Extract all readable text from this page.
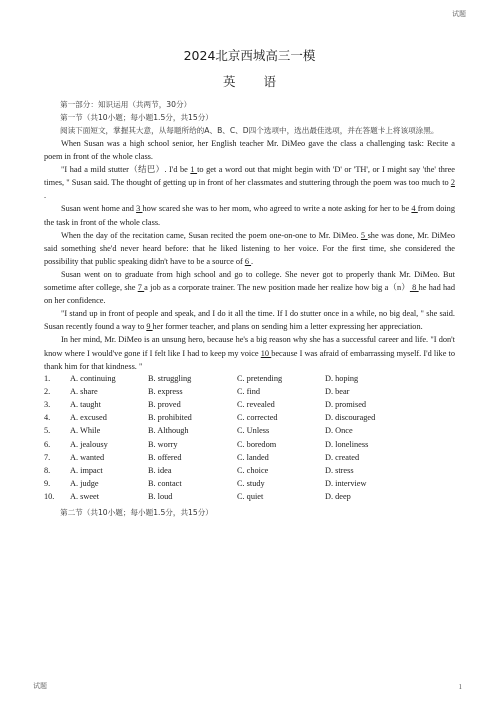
试题
2024北京西城高三一模
英语
第一部分：知识运用（共两节，30分）
第一节（共10小题；每小题1.5分，共15分）

阅读下面短文，掌握其大意，从每题所给的A、B、C、D四个选项中，选出最佳选项，并在答题卡上将该项涂黑。

When Susan was a high school senior, her English teacher Mr. DiMeo gave the class a challenging task: Recite a poem in front of the whole class.

"I had a mild stutter（结巴）. I'd be 1 to get a word out that might begin with 'D' or 'TH', or I might say 'the' three times, " Susan said. The thought of getting up in front of her classmates and stuttering through the poem was too much to 2 .

Susan went home and 3 how scared she was to her mom, who agreed to write a note asking for her to be 4 from doing the task in front of the whole class.

When the day of the recitation came, Susan recited the poem one-on-one to Mr. DiMeo. 5 she was done, Mr. DiMeo said something she'd never heard before: that he liked listening to her voice. For the first time, she considered the possibility that public speaking didn't have to be a source of 6 .

Susan went on to graduate from high school and go to college. She never got to properly thank Mr. DiMeo. But sometime after college, she 7 a job as a corporate trainer. The new position made her realize how big a（n） 8 he had had on her confidence.

"I stand up in front of people and speak, and I do it all the time. If I do stutter once in a while, no big deal, " she said. Susan recently found a way to 9 her former teacher, and plans on sending him a letter expressing her appreciation.

In her mind, Mr. DiMeo is an unsung hero, because he's a big reason why she has a successful career and life. "I don't know where I would've gone if I felt like I had to keep my voice 10 because I was afraid of embarrassing myself. I'd like to thank him for that kindness. "

1.	A. continuing	B. struggling	C. pretending	D. hoping
2.	A. share	B. express	C. find	D. bear
3.	A. taught	B. proved	C. revealed	D. promised
4.	A. excused	B. prohibited	C. corrected	D. discouraged
5.	A. While	B. Although	C. Unless	D. Once
6.	A. jealousy	B. worry	C. boredom	D. loneliness
7.	A. wanted	B. offered	C. landed	D. created
8.	A. impact	B. idea	C. choice	D. stress
9.	A. judge	B. contact	C. study	D. interview
10.	A. sweet	B. loud	C. quiet	D. deep
第二节（共10小题；每小题1.5分，共15分）
试题	1
